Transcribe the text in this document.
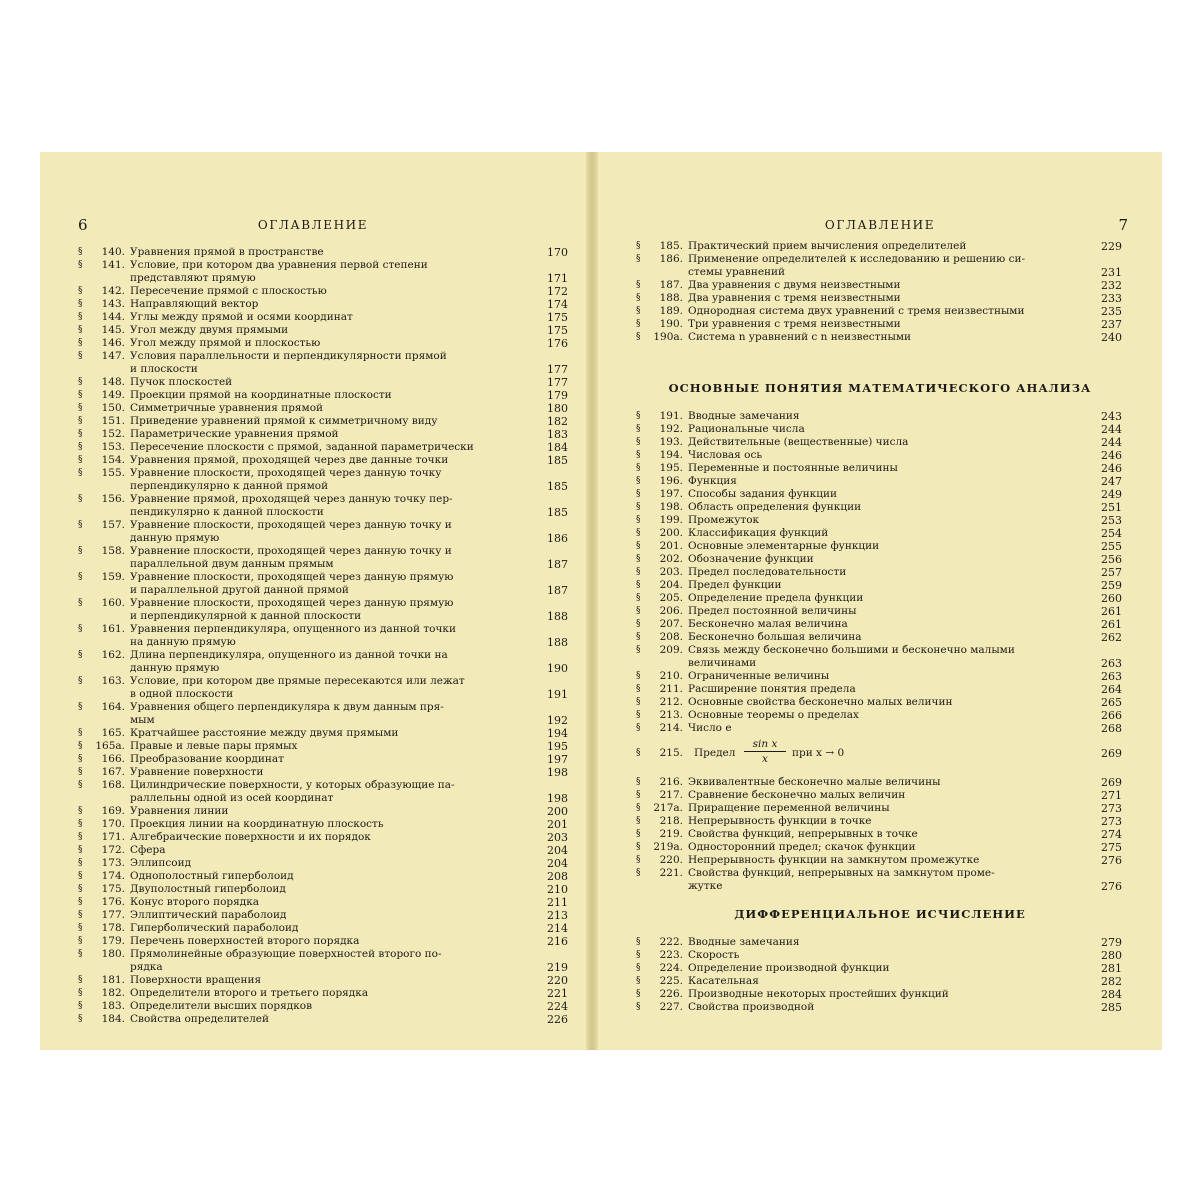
6	ОГЛАВЛЕНИЕ
§ 140. Уравнения прямой в пространстве	170
§ 141. Условие, при котором два уравнения первой степени
представляют прямую	171
§ 142. Пересечение прямой с плоскостью	172
§ 143. Направляющий вектор	174
§ 144. Углы между прямой и осями координат	175
§ 145. Угол между двумя прямыми	175
§ 146. Угол между прямой и плоскостью	176
§ 147. Условия параллельности и перпендикулярности прямой
и плоскости	177
§ 148. Пучок плоскостей	177
§ 149. Проекции прямой на координатные плоскости	179
§ 150. Симметричные уравнения прямой	180
§ 151. Приведение уравнений прямой к симметричному виду	182
§ 152. Параметрические уравнения прямой	183
§ 153. Пересечение плоскости с прямой, заданной параметрически	184
§ 154. Уравнения прямой, проходящей через две данные точки	185
§ 155. Уравнение плоскости, проходящей через данную точку
перпендикулярно к данной прямой	185
§ 156. Уравнение прямой, проходящей через данную точку пер-
пендикулярно к данной плоскости	185
§ 157. Уравнение плоскости, проходящей через данную точку и
данную прямую	186
§ 158. Уравнение плоскости, проходящей через данную точку и
параллельной двум данным прямым	187
§ 159. Уравнение плоскости, проходящей через данную прямую
и параллельной другой данной прямой	187
§ 160. Уравнение плоскости, проходящей через данную прямую
и перпендикулярной к данной плоскости	188
§ 161. Уравнения перпендикуляра, опущенного из данной точки
на данную прямую	188
§ 162. Длина перпендикуляра, опущенного из данной точки на
данную прямую	190
§ 163. Условие, при котором две прямые пересекаются или лежат
в одной плоскости	191
§ 164. Уравнения общего перпендикуляра к двум данным пря-
мым	192
§ 165. Кратчайшее расстояние между двумя прямыми	194
§ 165а. Правые и левые пары прямых	195
§ 166. Преобразование координат	197
§ 167. Уравнение поверхности	198
§ 168. Цилиндрические поверхности, у которых образующие па-
раллельны одной из осей координат	198
§ 169. Уравнения линии	200
§ 170. Проекция линии на координатную плоскость	201
§ 171. Алгебраические поверхности и их порядок	203
§ 172. Сфера	204
§ 173. Эллипсоид	204
§ 174. Однополостный гиперболоид	208
§ 175. Двуполостный гиперболоид	210
§ 176. Конус второго порядка	211
§ 177. Эллиптический параболоид	213
§ 178. Гиперболический параболоид	214
§ 179. Перечень поверхностей второго порядка	216
§ 180. Прямолинейные образующие поверхностей второго по-
рядка	219
§ 181. Поверхности вращения	220
§ 182. Определители второго и третьего порядка	221
§ 183. Определители высших порядков	224
§ 184. Свойства определителей	226
ОГЛАВЛЕНИЕ	7
§ 185. Практический прием вычисления определителей	229
§ 186. Применение определителей к исследованию и решению си-
стемы уравнений	231
§ 187. Два уравнения с двумя неизвестными	232
§ 188. Два уравнения с тремя неизвестными	233
§ 189. Однородная система двух уравнений с тремя неизвестными	235
§ 190. Три уравнения с тремя неизвестными	237
§ 190а. Система n уравнений с n неизвестными	240
ОСНОВНЫЕ ПОНЯТИЯ МАТЕМАТИЧЕСКОГО АНАЛИЗА
§ 191. Вводные замечания	243
§ 192. Рациональные числа	244
§ 193. Действительные (вещественные) числа	244
§ 194. Числовая ось	246
§ 195. Переменные и постоянные величины	246
§ 196. Функция	247
§ 197. Способы задания функции	249
§ 198. Область определения функции	251
§ 199. Промежуток	253
§ 200. Классификация функций	254
§ 201. Основные элементарные функции	255
§ 202. Обозначение функции	256
§ 203. Предел последовательности	257
§ 204. Предел функции	259
§ 205. Определение предела функции	260
§ 206. Предел постоянной величины	261
§ 207. Бесконечно малая величина	261
§ 208. Бесконечно большая величина	262
§ 209. Связь между бесконечно большими и бесконечно малыми
величинами	263
§ 210. Ограниченные величины	263
§ 211. Расширение понятия предела	264
§ 212. Основные свойства бесконечно малых величин	265
§ 213. Основные теоремы о пределах	266
§ 214. Число e	268
§	215. Предел $\frac{\text{sin x}}{x}$ при x → 0	269
§ 216. Эквивалентные бесконечно малые величины	269
§ 217. Сравнение бесконечно малых величин	271
§ 217а. Приращение переменной величины	273
§ 218. Непрерывность функции в точке	273
§ 219. Свойства функций, непрерывных в точке	274
§ 219а. Односторонний предел; скачок функции	275
§ 220. Непрерывность функции на замкнутом промежутке	276
§ 221. Свойства функций, непрерывных на замкнутом проме-
жутке	276
ДИФФЕРЕНЦИАЛЬНОЕ ИСЧИСЛЕНИЕ
§ 222. Вводные замечания	279
§ 223. Скорость	280
§ 224. Определение производной функции	281
§ 225. Касательная	282
§ 226. Производные некоторых простейших функций	284
§ 227. Свойства производной	285
